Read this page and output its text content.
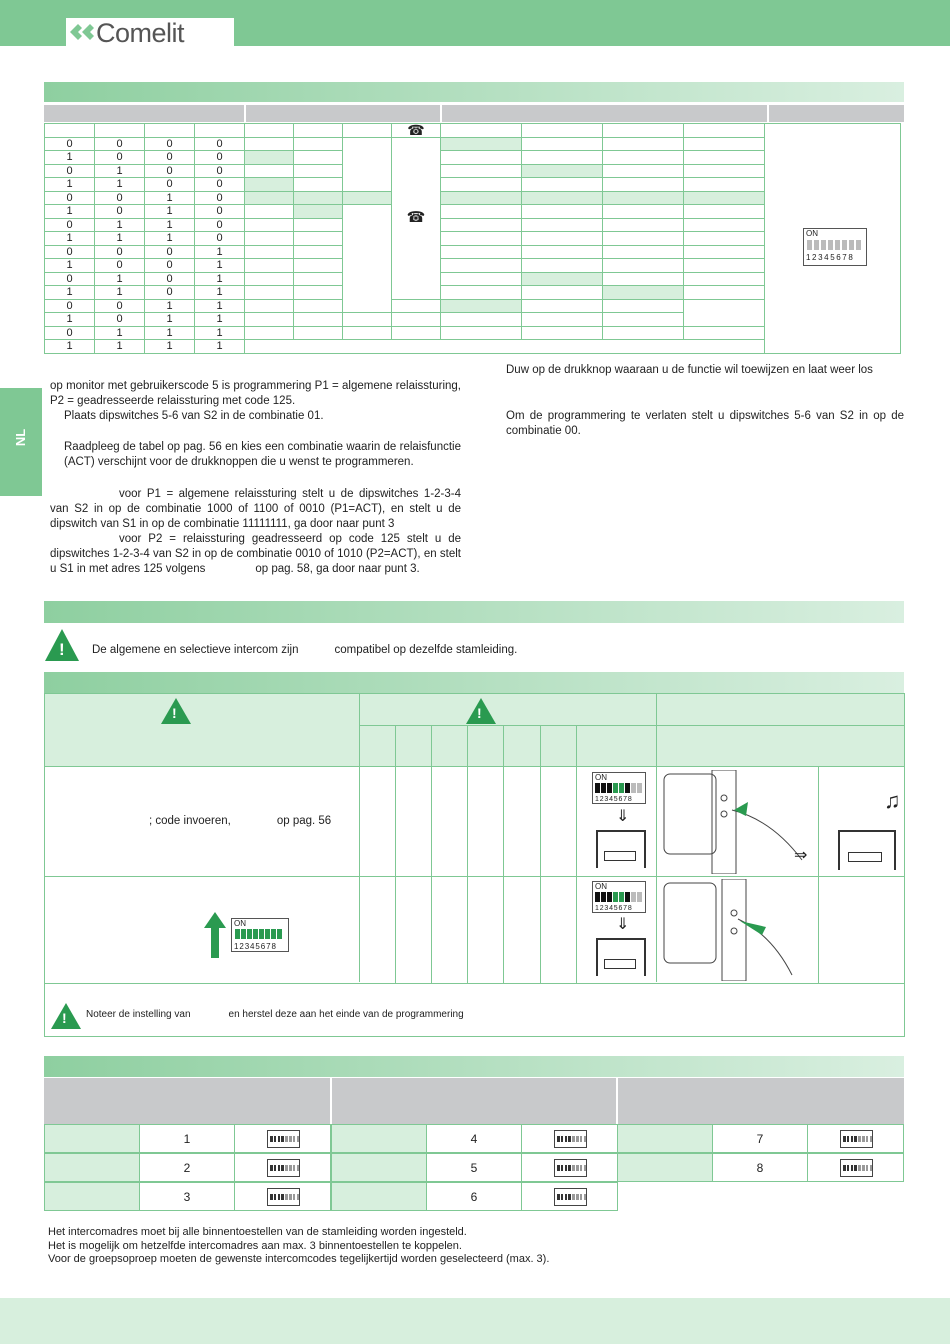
Comelit
							☎					ON
12345678

0	0	0	0				☎					
1	0	0	0									
0	1	0	0									
1	1	0	0									
0	0	1	0									
1	0	1	0									
0	1	1	0									
1	1	1	0									
0	0	0	1									
1	0	0	1									
0	1	0	1									
1	1	0	1									
0	0	1	1									
1	0	1	1									
0	1	1	1									
1	1	1	1									
NL
op monitor met gebruikerscode 5 is programmering P1 = algemene relaissturing, P2 = geadresseerde relaissturing met code 125.
Plaats dipswitches 5-6 van S2 in de combinatie 01.
Raadpleeg de tabel op pag. 56 en kies een combinatie waarin de relaisfunctie (ACT) verschijnt voor de drukknoppen die u wenst te programmeren.
voor P1 = algemene relaissturing stelt u de dipswitches 1-2-3-4 van S2 in op de combinatie 1000 of 1100 of 0010 (P1=ACT), en stelt u de dipswitch van S1 in op de combinatie 11111111, ga door naar punt 3
voor P2 = relaissturing geadresseerd op code 125 stelt u de dipswitches 1-2-3-4 van S2 in op de combinatie 0010 of 1010 (P2=ACT), en stelt u S1 in met adres 125 volgens	op pag. 58, ga door naar punt 3.
Duw op de drukknop waaraan u de functie wil toewijzen en laat weer los
Om de programmering te verlaten stelt u dipswitches 5-6 van S2 in op de combinatie 00.
! De algemene en selectieve intercom zijn	compatibel op dezelfde stamleiding.
!	!
; code invoeren,	op pag. 56
ON
12345678
⇓
⇒
♫
ON
12345678
ON
12345678
⇓
! Noteer de instelling van	en herstel deze aan het einde van de programmering
1	4	7
2	5	8
3	6
Het intercomadres moet bij alle binnentoestellen van de stamleiding worden ingesteld.
Het is mogelijk om hetzelfde intercomadres aan max. 3 binnentoestellen te koppelen.
Voor de groepsoproep moeten de gewenste intercomcodes tegelijkertijd worden geselecteerd (max. 3).
